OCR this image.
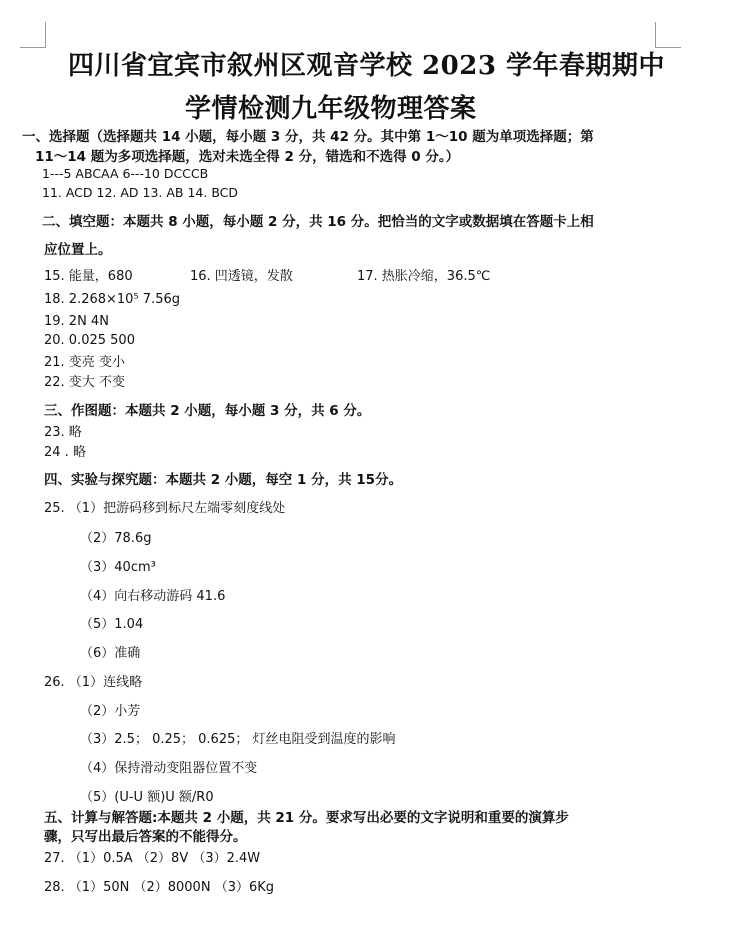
四川省宜宾市叙州区观音学校 2023 学年春期期中
学情检测九年级物理答案
一、选择题（选择题共 14 小题，每小题 3 分，共 42 分。其中第 1～10 题为单项选择题；第
11～14 题为多项选择题，选对未选全得 2 分，错选和不选得 0 分。）
1---5 ABCAA 6---10 DCCCB
11. ACD 12. AD 13. AB 14. BCD
二、填空题：本题共 8 小题，每小题 2 分，共 16 分。把恰当的文字或数据填在答题卡上相
应位置上。
15. 能量，680	16. 凹透镜，发散	17. 热胀冷缩，36.5℃
18. 2.268×10⁵ 7.56g
19. 2N 4N
20. 0.025 500
21. 变亮 变小
22. 变大 不变
三、作图题：本题共 2 小题，每小题 3 分，共 6 分。
23. 略
24 . 略
四、实验与探究题：本题共 2 小题，每空 1 分，共 15分。
25. （1）把游码移到标尺左端零刻度线处
（2）78.6g
（3）40cm³
（4）向右移动游码 41.6
（5）1.04
（6）准确
26. （1）连线略
（2）小芳
（3）2.5； 0.25； 0.625； 灯丝电阻受到温度的影响
（4）保持滑动变阻器位置不变
（5）(U-U 额)U 额/R0
五、计算与解答题:本题共 2 小题，共 21 分。要求写出必要的文字说明和重要的演算步
骤，只写出最后答案的不能得分。
27. （1）0.5A （2）8V （3）2.4W
28. （1）50N （2）8000N （3）6Kg
